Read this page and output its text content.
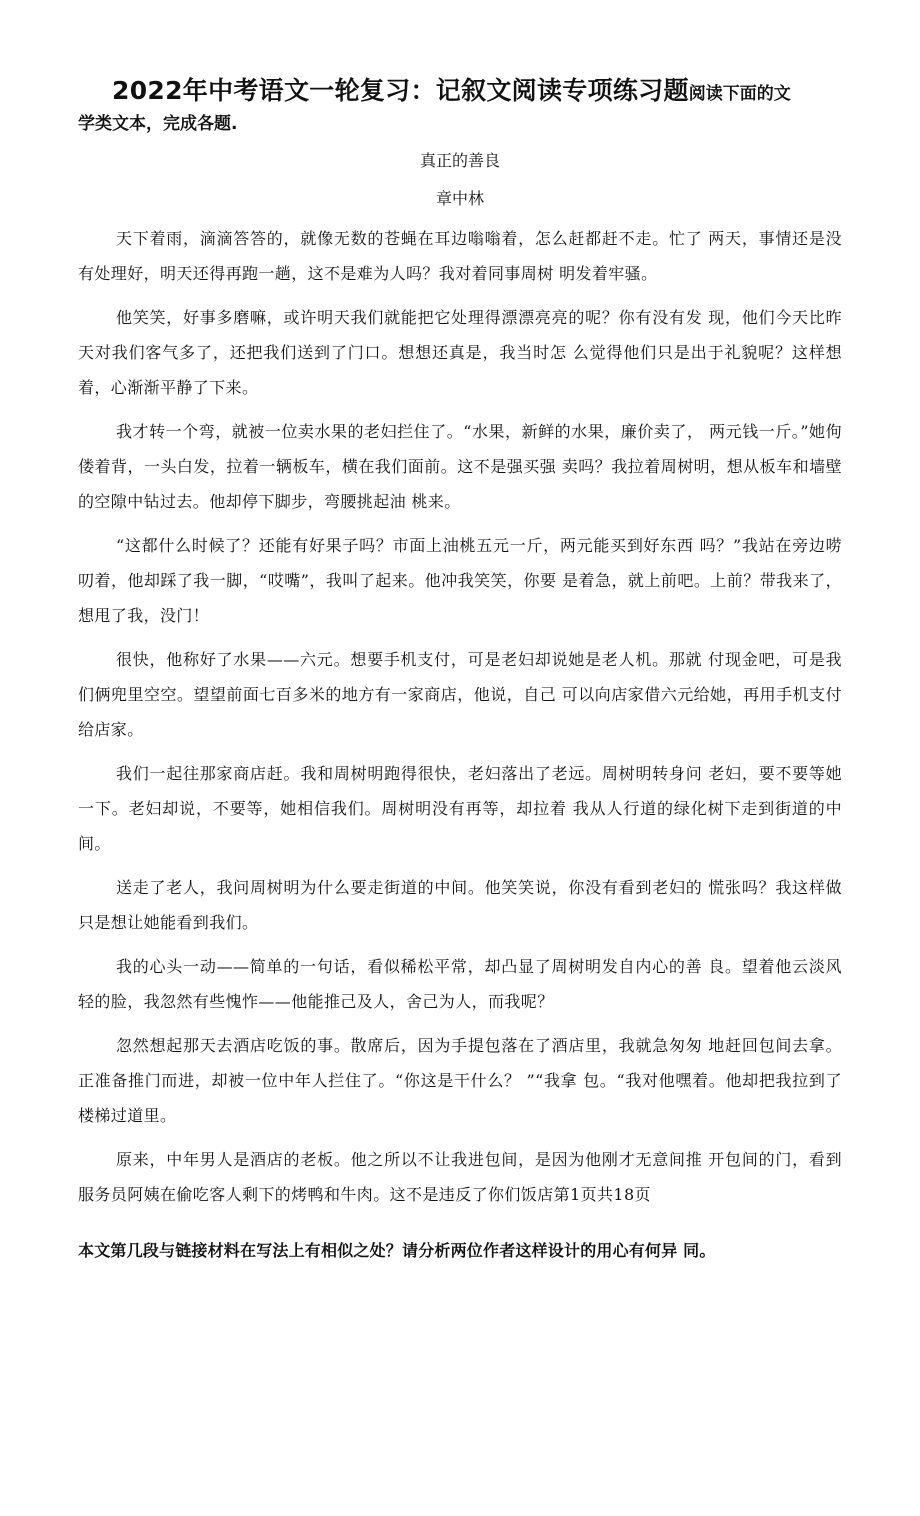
2022年中考语文一轮复习：记叙文阅读专项练习题阅读下面的文
学类文本，完成各题.

真正的善良

章中林

天下着雨，滴滴答答的，就像无数的苍蝇在耳边嗡嗡着，怎么赶都赶不走。忙了 两天，事情还是没有处理好，明天还得再跑一趟，这不是难为人吗？我对着同事周树 明发着牢骚。

他笑笑，好事多磨嘛，或许明天我们就能把它处理得漂漂亮亮的呢？你有没有发 现，他们今天比昨天对我们客气多了，还把我们送到了门口。想想还真是，我当时怎 么觉得他们只是出于礼貌呢？这样想着，心渐渐平静了下来。

我才转一个弯，就被一位卖水果的老妇拦住了。“水果，新鲜的水果，廉价卖了， 两元钱一斤。”她佝偻着背，一头白发，拉着一辆板车，横在我们面前。这不是强买强 卖吗？我拉着周树明，想从板车和墙壁的空隙中钻过去。他却停下脚步，弯腰挑起油 桃来。

“这都什么时候了？还能有好果子吗？市面上油桃五元一斤，两元能买到好东西 吗？”我站在旁边唠叨着，他却踩了我一脚，“哎嘴”，我叫了起来。他冲我笑笑，你要 是着急，就上前吧。上前？带我来了，想甩了我，没门！

很快，他称好了水果——六元。想要手机支付，可是老妇却说她是老人机。那就 付现金吧，可是我们俩兜里空空。望望前面七百多米的地方有一家商店，他说，自己 可以向店家借六元给她，再用手机支付给店家。

我们一起往那家商店赶。我和周树明跑得很快，老妇落出了老远。周树明转身问 老妇，要不要等她一下。老妇却说，不要等，她相信我们。周树明没有再等，却拉着 我从人行道的绿化树下走到街道的中间。

送走了老人，我问周树明为什么要走街道的中间。他笑笑说，你没有看到老妇的 慌张吗？我这样做只是想让她能看到我们。

我的心头一动——简单的一句话，看似稀松平常，却凸显了周树明发自内心的善 良。望着他云淡风轻的脸，我忽然有些愧怍——他能推己及人，舍己为人，而我呢？

忽然想起那天去酒店吃饭的事。散席后，因为手提包落在了酒店里，我就急匆匆 地赶回包间去拿。正准备推门而进，却被一位中年人拦住了。“你这是干什么？ ”“我拿 包。“我对他嘿着。他却把我拉到了楼梯过道里。

原来，中年男人是酒店的老板。他之所以不让我进包间，是因为他刚才无意间推 开包间的门，看到服务员阿姨在偷吃客人剩下的烤鸭和牛肉。这不是违反了你们饭店第1页共18页

本文第几段与链接材料在写法上有相似之处？请分析两位作者这样设计的用心有何异 同。
